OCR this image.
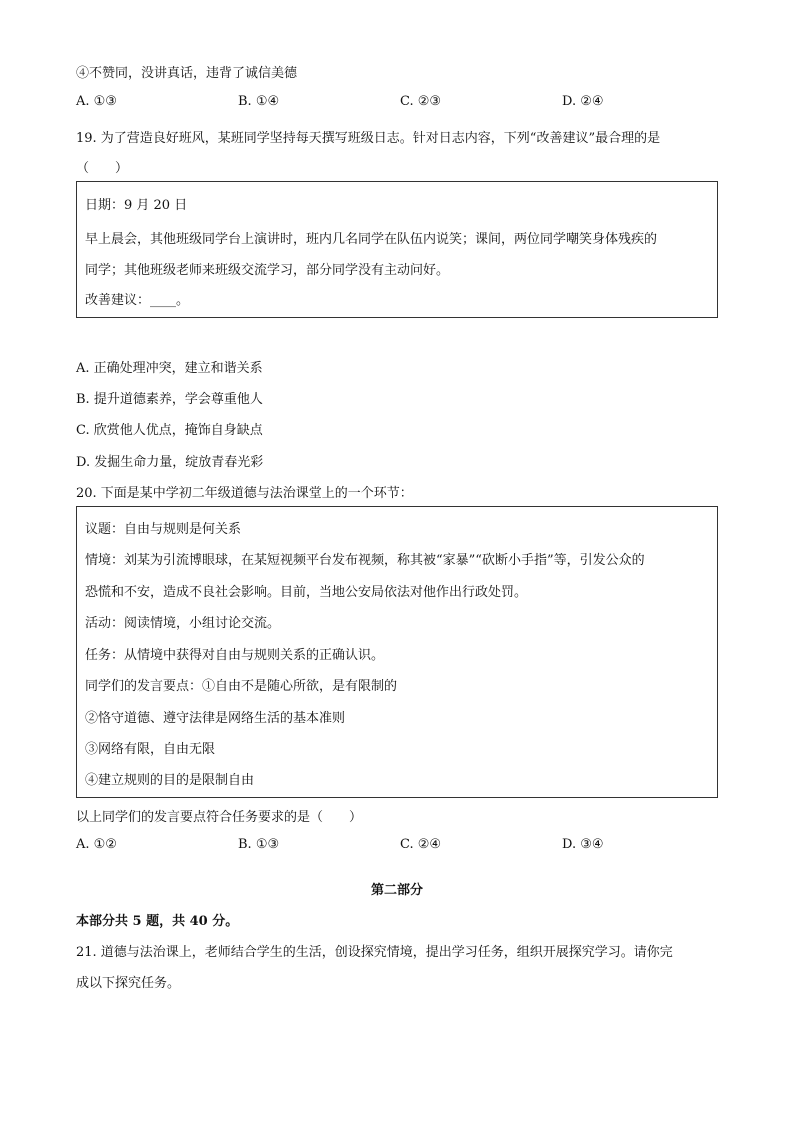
④不赞同，没讲真话，违背了诚信美德
A. ①③	B. ①④	C. ②③	D. ②④
19. 为了营造良好班风，某班同学坚持每天撰写班级日志。针对日志内容，下列“改善建议”最合理的是
（　　）
日期：9 月 20 日
早上晨会，其他班级同学台上演讲时，班内几名同学在队伍内说笑；课间，两位同学嘲笑身体残疾的
同学；其他班级老师来班级交流学习，部分同学没有主动问好。
改善建议：____。
A. 正确处理冲突，建立和谐关系
B. 提升道德素养，学会尊重他人
C. 欣赏他人优点，掩饰自身缺点
D. 发掘生命力量，绽放青春光彩
20. 下面是某中学初二年级道德与法治课堂上的一个环节：
议题：自由与规则是何关系
情境：刘某为引流博眼球，在某短视频平台发布视频，称其被“家暴”“砍断小手指”等，引发公众的
恐慌和不安，造成不良社会影响。目前，当地公安局依法对他作出行政处罚。
活动：阅读情境，小组讨论交流。
任务：从情境中获得对自由与规则关系的正确认识。
同学们的发言要点：①自由不是随心所欲，是有限制的
②恪守道德、遵守法律是网络生活的基本准则
③网络有限，自由无限
④建立规则的目的是限制自由
以上同学们的发言要点符合任务要求的是（　　）
A. ①②	B. ①③	C. ②④	D. ③④
第二部分
本部分共 5 题，共 40 分。
21. 道德与法治课上，老师结合学生的生活，创设探究情境，提出学习任务，组织开展探究学习。请你完
成以下探究任务。
